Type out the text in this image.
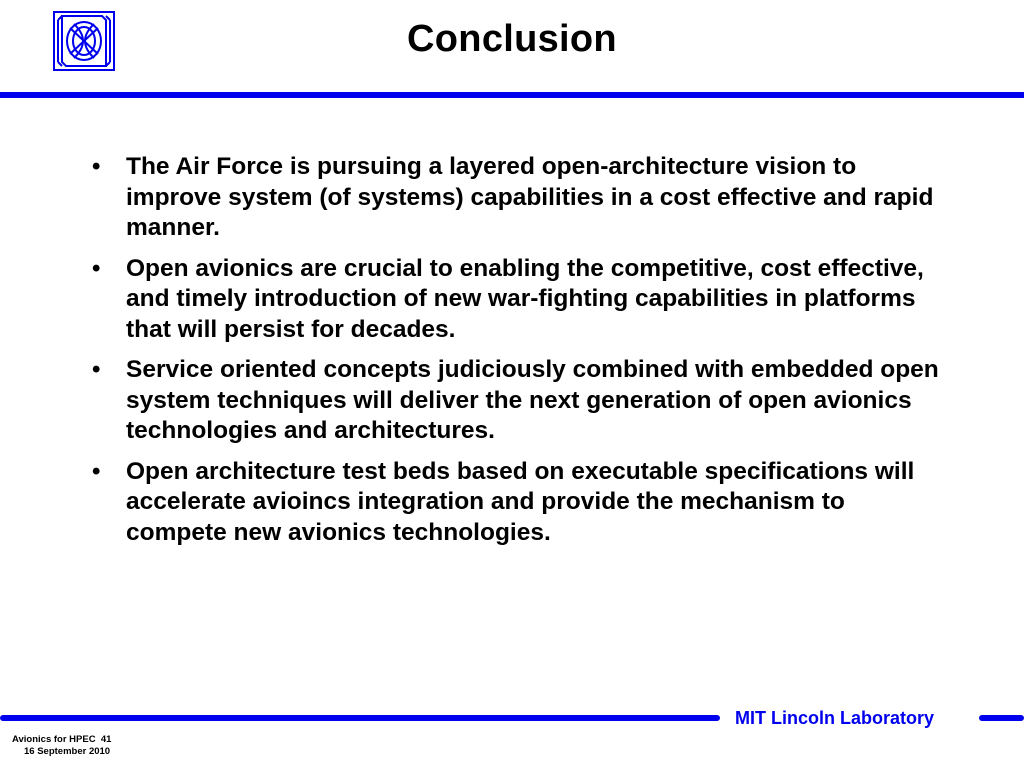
Conclusion
• The Air Force is pursuing a layered open-architecture vision to improve system (of systems) capabilities in a cost effective and rapid manner.
• Open avionics are crucial to enabling the competitive, cost effective, and timely introduction of new war-fighting capabilities in platforms that will persist for decades.
• Service oriented concepts judiciously combined with embedded open system techniques will deliver the next generation of open avionics technologies and architectures.
• Open architecture test beds based on executable specifications will accelerate avioincs integration and provide the mechanism to compete new avionics technologies.
MIT Lincoln Laboratory
Avionics for HPEC 41
16 September 2010
